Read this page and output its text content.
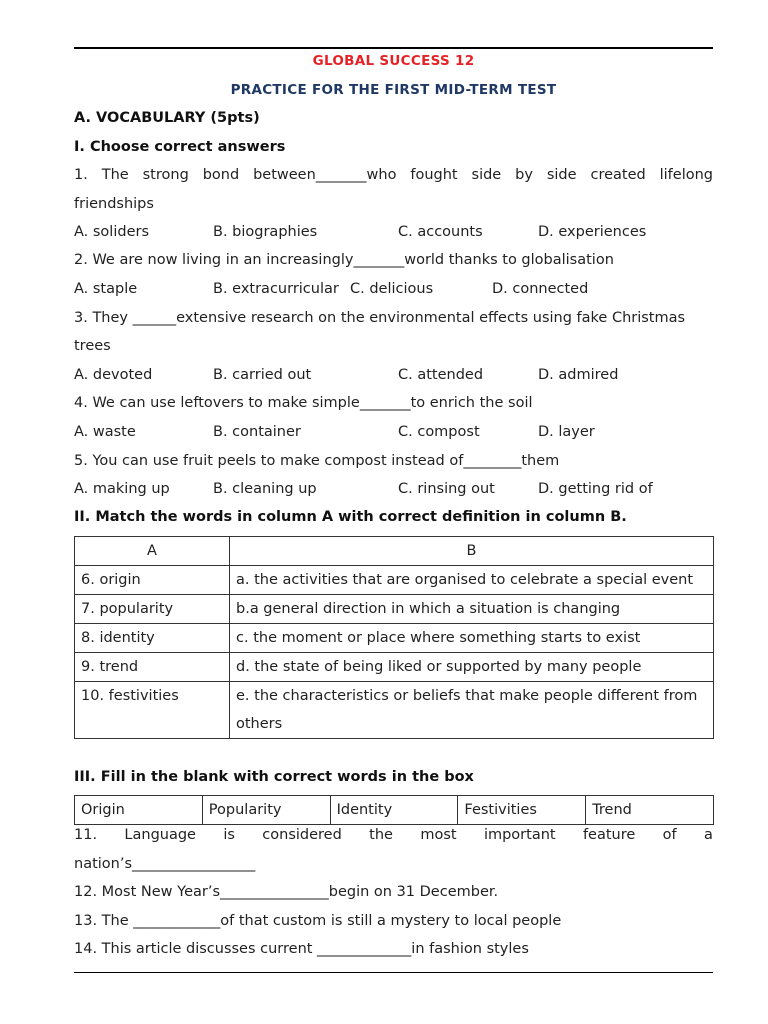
GLOBAL SUCCESS 12
PRACTICE FOR THE FIRST MID-TERM TEST
A. VOCABULARY (5pts)
I. Choose correct answers
1. The strong bond between_______who fought side by side created lifelong
friendships
A. soliders	B. biographies	C. accounts	D. experiences
2. We are now living in an increasingly_______world thanks to globalisation
A. staple	B. extracurricular C. delicious	D. connected
3. They ______extensive research on the environmental effects using fake Christmas
trees
A. devoted	B. carried out	C. attended	D. admired
4. We can use leftovers to make simple_______to enrich the soil
A. waste	B. container	C. compost	D. layer
5. You can use fruit peels to make compost instead of________them
A. making up	B. cleaning up	C. rinsing out	D. getting rid of
II. Match the words in column A with correct definition in column B.
A	B
6. origin	a. the activities that are organised to celebrate a special event
7. popularity	b.a general direction in which a situation is changing
8. identity	c. the moment or place where something starts to exist
9. trend	d. the state of being liked or supported by many people
10. festivities	e. the characteristics or beliefs that make people different from others
III. Fill in the blank with correct words in the box
Origin	Popularity	Identity	Festivities	Trend
11. Language is considered the most important feature of a
nation’s_________________
12. Most New Year’s_______________begin on 31 December.
13. The ____________of that custom is still a mystery to local people
14. This article discusses current _____________in fashion styles
